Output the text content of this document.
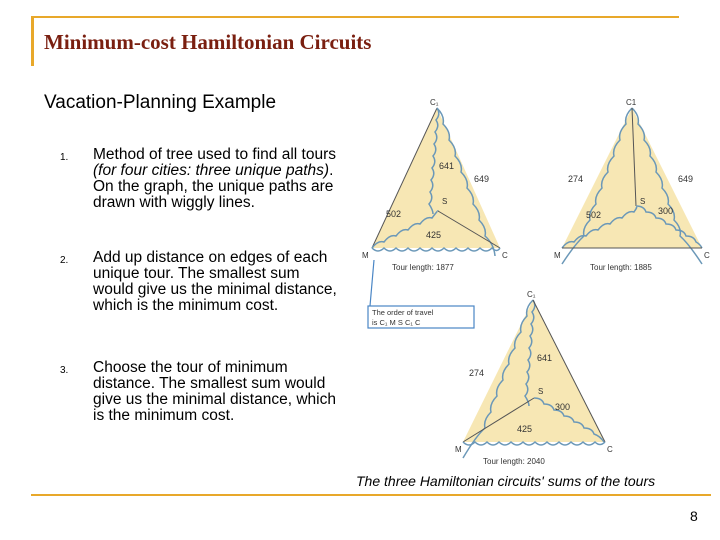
Minimum-cost Hamiltonian Circuits
Vacation-Planning Example
1. Method of tree used to find all tours (for four cities: three unique paths). On the graph, the unique paths are drawn with wiggly lines.
2. Add up distance on edges of each unique tour. The smallest sum would give us the minimal distance, which is the minimum cost.
3. Choose the tour of minimum distance. The smallest sum would give us the minimal distance, which is the minimum cost.
C₁
M	C
S
641
649
502
425
Tour length: 1877
C1
M	C
S
274	649
502	300
Tour length: 1885
The order of travel
is C₁ M S C₁ C
C₁
M	C
S
274
641
300
425
Tour length: 2040
The three Hamiltonian circuits' sums of the tours
8
